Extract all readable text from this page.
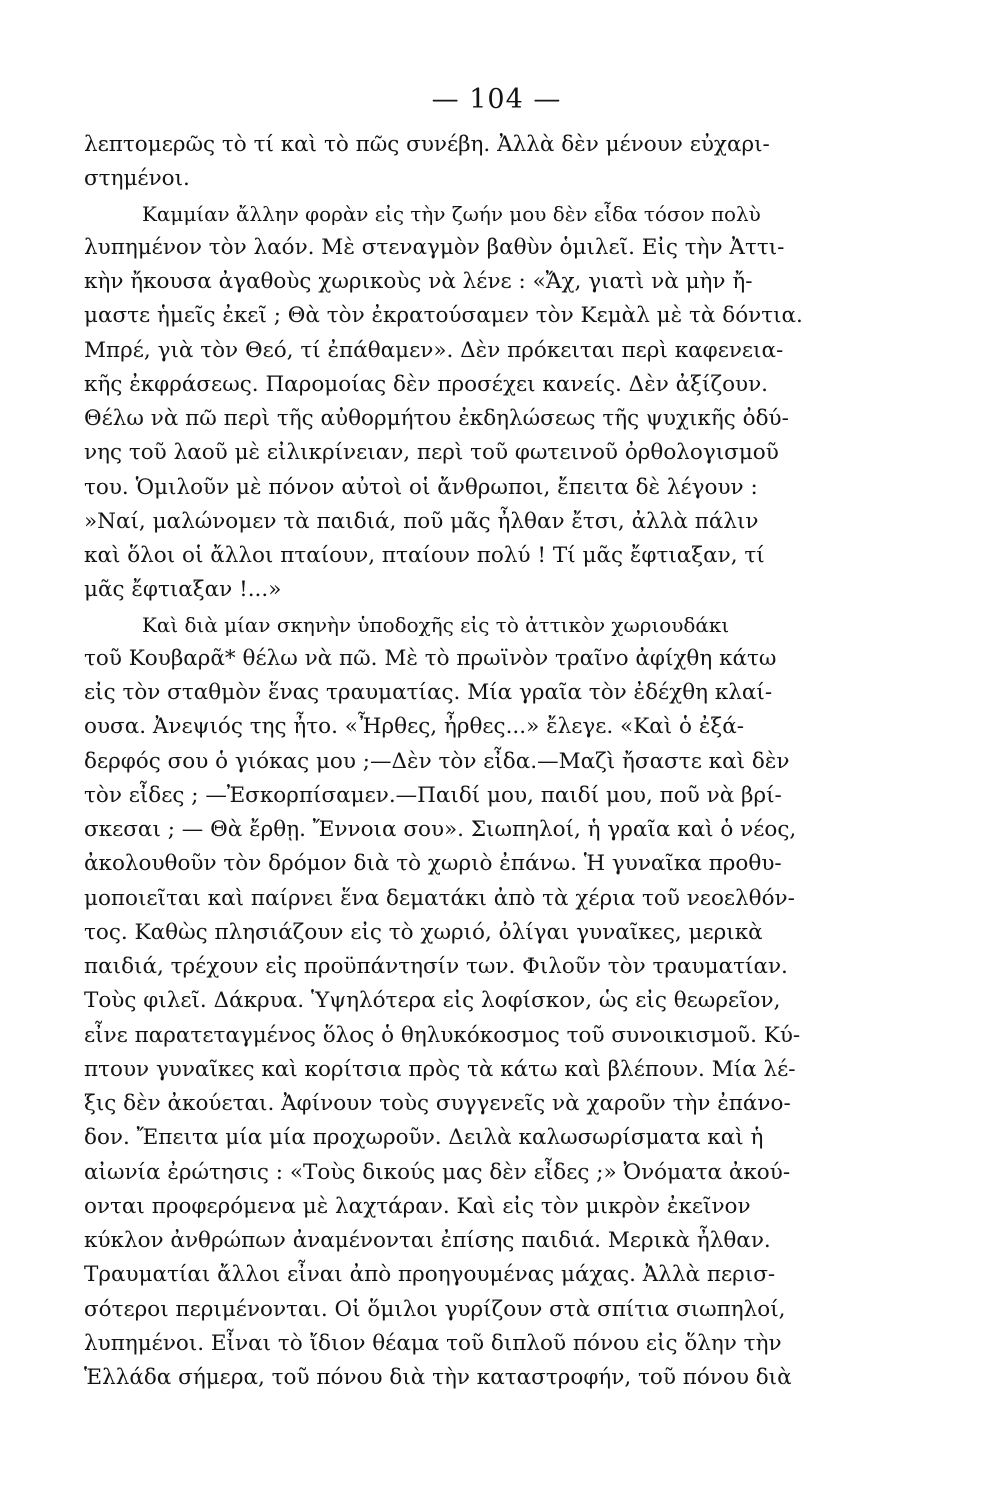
— 104 —
λεπτομερῶς τὸ τί καὶ τὸ πῶς συνέβη. Ἀλλὰ δὲν μένουν εὐχαρι-
στημένοι.
Καμμίαν ἄλλην φορὰν εἰς τὴν ζωήν μου δὲν εἶδα τόσον πολὺ
λυπημένον τὸν λαόν. Μὲ στεναγμὸν βαθὺν ὁμιλεῖ. Εἰς τὴν Ἀττι-
κὴν ἤκουσα ἀγαθοὺς χωρικοὺς νὰ λένε : «Ἄχ, γιατὶ νὰ μὴν ἤ-
μαστε ἡμεῖς ἐκεῖ ; Θὰ τὸν ἐκρατούσαμεν τὸν Κεμὰλ μὲ τὰ δόντια.
Μπρέ, γιὰ τὸν Θεό, τί ἐπάθαμεν». Δὲν πρόκειται περὶ καφενεια-
κῆς ἐκφράσεως. Παρομοίας δὲν προσέχει κανείς. Δὲν ἀξίζουν.
Θέλω νὰ πῶ περὶ τῆς αὐθορμήτου ἐκδηλώσεως τῆς ψυχικῆς ὀδύ-
νης τοῦ λαοῦ μὲ εἰλικρίνειαν, περὶ τοῦ φωτεινοῦ ὀρθολογισμοῦ
του. Ὁμιλοῦν μὲ πόνον αὐτοὶ οἱ ἄνθρωποι, ἔπειτα δὲ λέγουν :
»Ναί, μαλώνομεν τὰ παιδιά, ποῦ μᾶς ἦλθαν ἔτσι, ἀλλὰ πάλιν
καὶ ὅλοι οἱ ἄλλοι πταίουν, πταίουν πολύ ! Τί μᾶς ἔφτιαξαν, τί
μᾶς ἔφτιαξαν !...»
Καὶ διὰ μίαν σκηνὴν ὑποδοχῆς εἰς τὸ ἀττικὸν χωριουδάκι
τοῦ Κουβαρᾶ* θέλω νὰ πῶ. Μὲ τὸ πρωϊνὸν τραῖνο ἀφίχθη κάτω
εἰς τὸν σταθμὸν ἕνας τραυματίας. Μία γραῖα τὸν ἐδέχθη κλαί-
ουσα. Ἀνεψιός της ἦτο. «Ἦρθες, ἦρθες...» ἔλεγε. «Καὶ ὁ ἐξά-
δερφός σου ὁ γιόκας μου ;—Δὲν τὸν εἶδα.—Μαζὶ ἤσαστε καὶ δὲν
τὸν εἶδες ; —Ἐσκορπίσαμεν.—Παιδί μου, παιδί μου, ποῦ νὰ βρί-
σκεσαι ; — Θὰ ἔρθῃ. Ἔννοια σου». Σιωπηλοί, ἡ γραῖα καὶ ὁ νέος,
ἀκολουθοῦν τὸν δρόμον διὰ τὸ χωριὸ ἐπάνω. Ἡ γυναῖκα προθυ-
μοποιεῖται καὶ παίρνει ἕνα δεματάκι ἀπὸ τὰ χέρια τοῦ νεοελθόν-
τος. Καθὼς πλησιάζουν εἰς τὸ χωριό, ὀλίγαι γυναῖκες, μερικὰ
παιδιά, τρέχουν εἰς προϋπάντησίν των. Φιλοῦν τὸν τραυματίαν.
Τοὺς φιλεῖ. Δάκρυα. Ὑψηλότερα εἰς λοφίσκον, ὡς εἰς θεωρεῖον,
εἶνε παρατεταγμένος ὅλος ὁ θηλυκόκοσμος τοῦ συνοικισμοῦ. Κύ-
πτουν γυναῖκες καὶ κορίτσια πρὸς τὰ κάτω καὶ βλέπουν. Μία λέ-
ξις δὲν ἀκούεται. Ἀφίνουν τοὺς συγγενεῖς νὰ χαροῦν τὴν ἐπάνο-
δον. Ἔπειτα μία μία προχωροῦν. Δειλὰ καλωσωρίσματα καὶ ἡ
αἰωνία ἐρώτησις : «Τοὺς δικούς μας δὲν εἶδες ;» Ὀνόματα ἀκού-
ονται προφερόμενα μὲ λαχτάραν. Καὶ εἰς τὸν μικρὸν ἐκεῖνον
κύκλον ἀνθρώπων ἀναμένονται ἐπίσης παιδιά. Μερικὰ ἦλθαν.
Τραυματίαι ἄλλοι εἶναι ἀπὸ προηγουμένας μάχας. Ἀλλὰ περισ-
σότεροι περιμένονται. Οἱ ὅμιλοι γυρίζουν στὰ σπίτια σιωπηλοί,
λυπημένοι. Εἶναι τὸ ἴδιον θέαμα τοῦ διπλοῦ πόνου εἰς ὅλην τὴν
Ἑλλάδα σήμερα, τοῦ πόνου διὰ τὴν καταστροφήν, τοῦ πόνου διὰ
